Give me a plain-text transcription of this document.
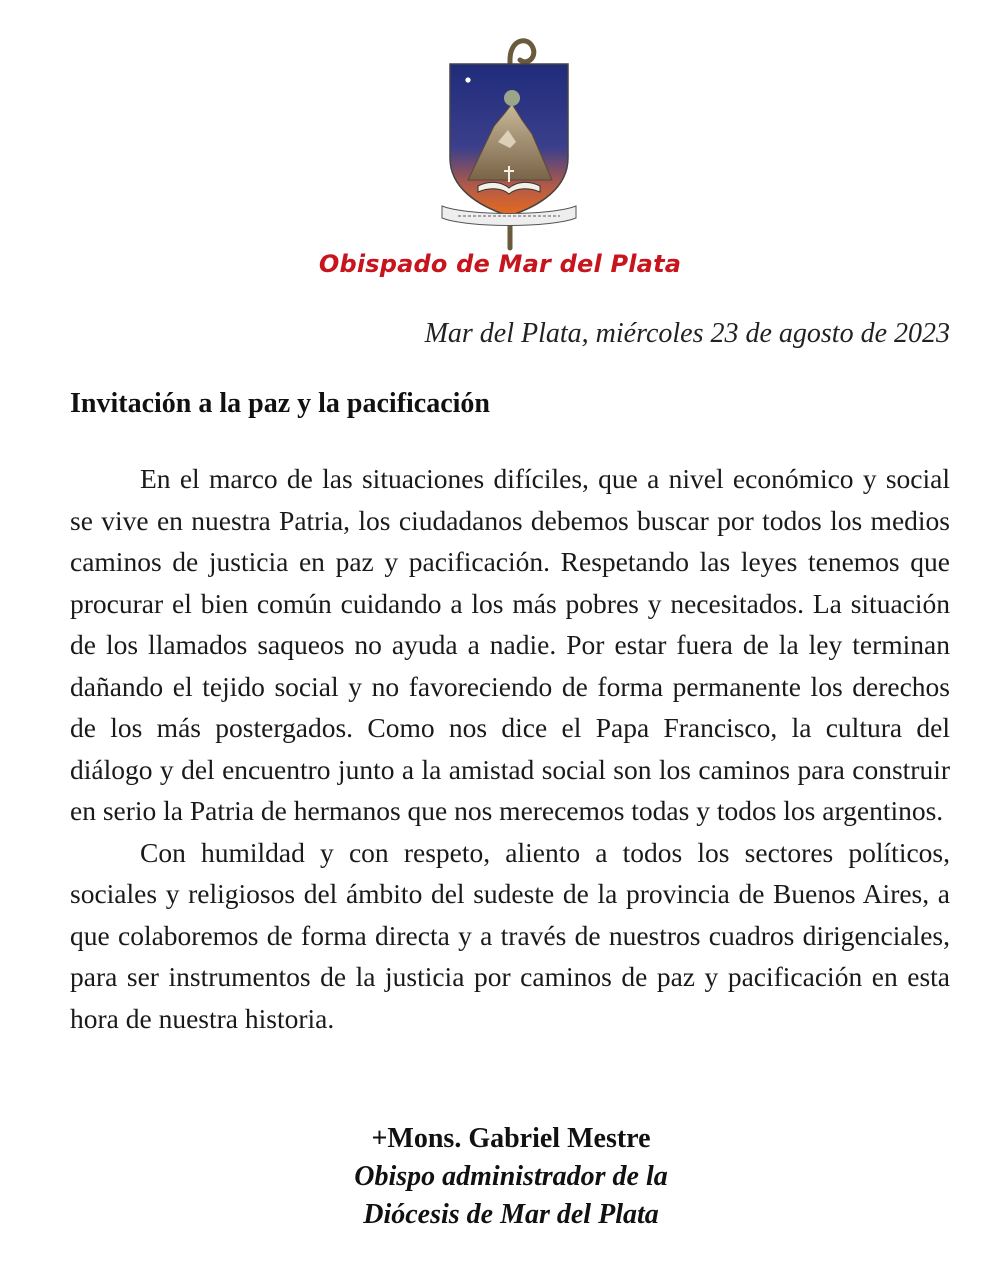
Obispado de Mar del Plata
Mar del Plata, miércoles 23 de agosto de 2023
Invitación a la paz y la pacificación

En el marco de las situaciones difíciles, que a nivel económico y social se vive en nuestra Patria, los ciudadanos debemos buscar por todos los medios caminos de justicia en paz y pacificación. Respetando las leyes tenemos que procurar el bien común cuidando a los más pobres y necesitados. La situación de los llamados saqueos no ayuda a nadie. Por estar fuera de la ley terminan dañando el tejido social y no favoreciendo de forma permanente los derechos de los más postergados. Como nos dice el Papa Francisco, la cultura del diálogo y del encuentro junto a la amistad social son los caminos para construir en serio la Patria de hermanos que nos merecemos todas y todos los argentinos.

Con humildad y con respeto, aliento a todos los sectores políticos, sociales y religiosos del ámbito del sudeste de la provincia de Buenos Aires, a que colaboremos de forma directa y a través de nuestros cuadros dirigenciales, para ser instrumentos de la justicia por caminos de paz y pacificación en esta hora de nuestra historia.

+Mons. Gabriel Mestre
Obispo administrador de la
Diócesis de Mar del Plata
